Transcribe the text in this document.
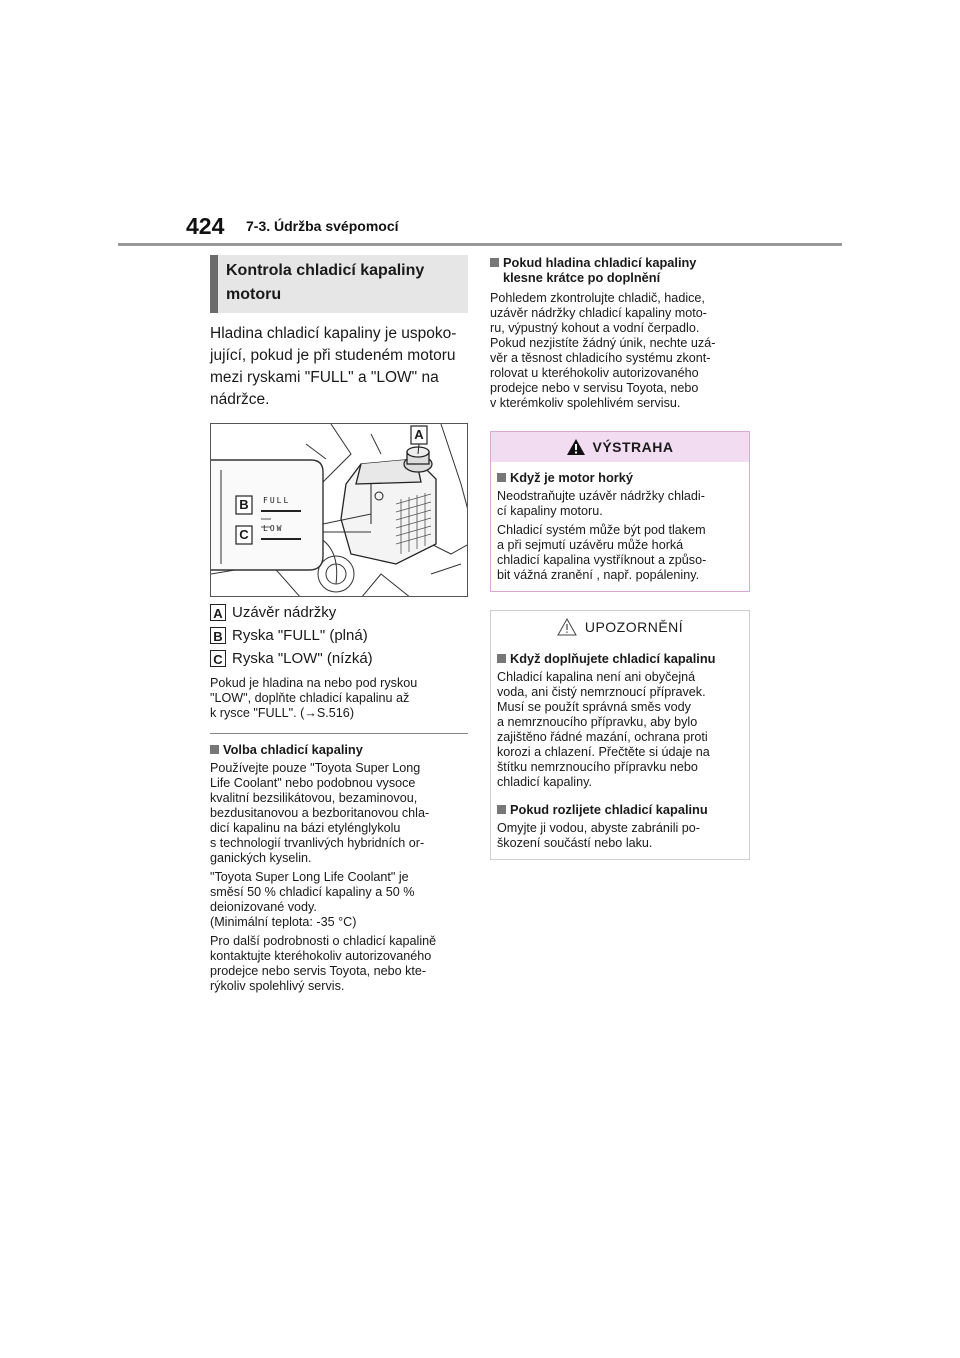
424 7-3. Údržba svépomocí
Kontrola chladicí kapaliny
motoru
Hladina chladicí kapaliny je uspoko-
jující, pokud je při studeném motoru
mezi ryskami "FULL" a "LOW" na
nádržce.
A
B
C
FULL
LOW
A Uzávěr nádržky
B Ryska "FULL" (plná)
C Ryska "LOW" (nízká)
Pokud je hladina na nebo pod ryskou
"LOW", doplňte chladicí kapalinu až
k rysce "FULL". (→S.516)
Volba chladicí kapaliny
Používejte pouze "Toyota Super Long
Life Coolant" nebo podobnou vysoce
kvalitní bezsilikátovou, bezaminovou,
bezdusitanovou a bezboritanovou chla-
dicí kapalinu na bázi etylénglykolu
s technologií trvanlivých hybridních or-
ganických kyselin.
"Toyota Super Long Life Coolant" je
směsí 50 % chladicí kapaliny a 50 %
deionizované vody.
(Minimální teplota: -35 °C)
Pro další podrobnosti o chladicí kapalině
kontaktujte kteréhokoliv autorizovaného
prodejce nebo servis Toyota, nebo kte-
rýkoliv spolehlivý servis.
Pokud hladina chladicí kapaliny
klesne krátce po doplnění
Pohledem zkontrolujte chladič, hadice,
uzávěr nádržky chladicí kapaliny moto-
ru, výpustný kohout a vodní čerpadlo.
Pokud nezjistíte žádný únik, nechte uzá-
věr a těsnost chladicího systému zkont-
rolovat u kteréhokoliv autorizovaného
prodejce nebo v servisu Toyota, nebo
v kterémkoliv spolehlivém servisu.
VÝSTRAHA
Když je motor horký
Neodstraňujte uzávěr nádržky chladi-
cí kapaliny motoru.
Chladicí systém může být pod tlakem
a při sejmutí uzávěru může horká
chladicí kapalina vystříknout a způso-
bit vážná zranění , např. popáleniny.
UPOZORNĚNÍ
Když doplňujete chladicí kapalinu
Chladicí kapalina není ani obyčejná
voda, ani čistý nemrznoucí přípravek.
Musí se použít správná směs vody
a nemrznoucího přípravku, aby bylo
zajištěno řádné mazání, ochrana proti
korozi a chlazení. Přečtěte si údaje na
štítku nemrznoucího přípravku nebo
chladicí kapaliny.
Pokud rozlijete chladicí kapalinu
Omyjte ji vodou, abyste zabránili po-
škození součástí nebo laku.
